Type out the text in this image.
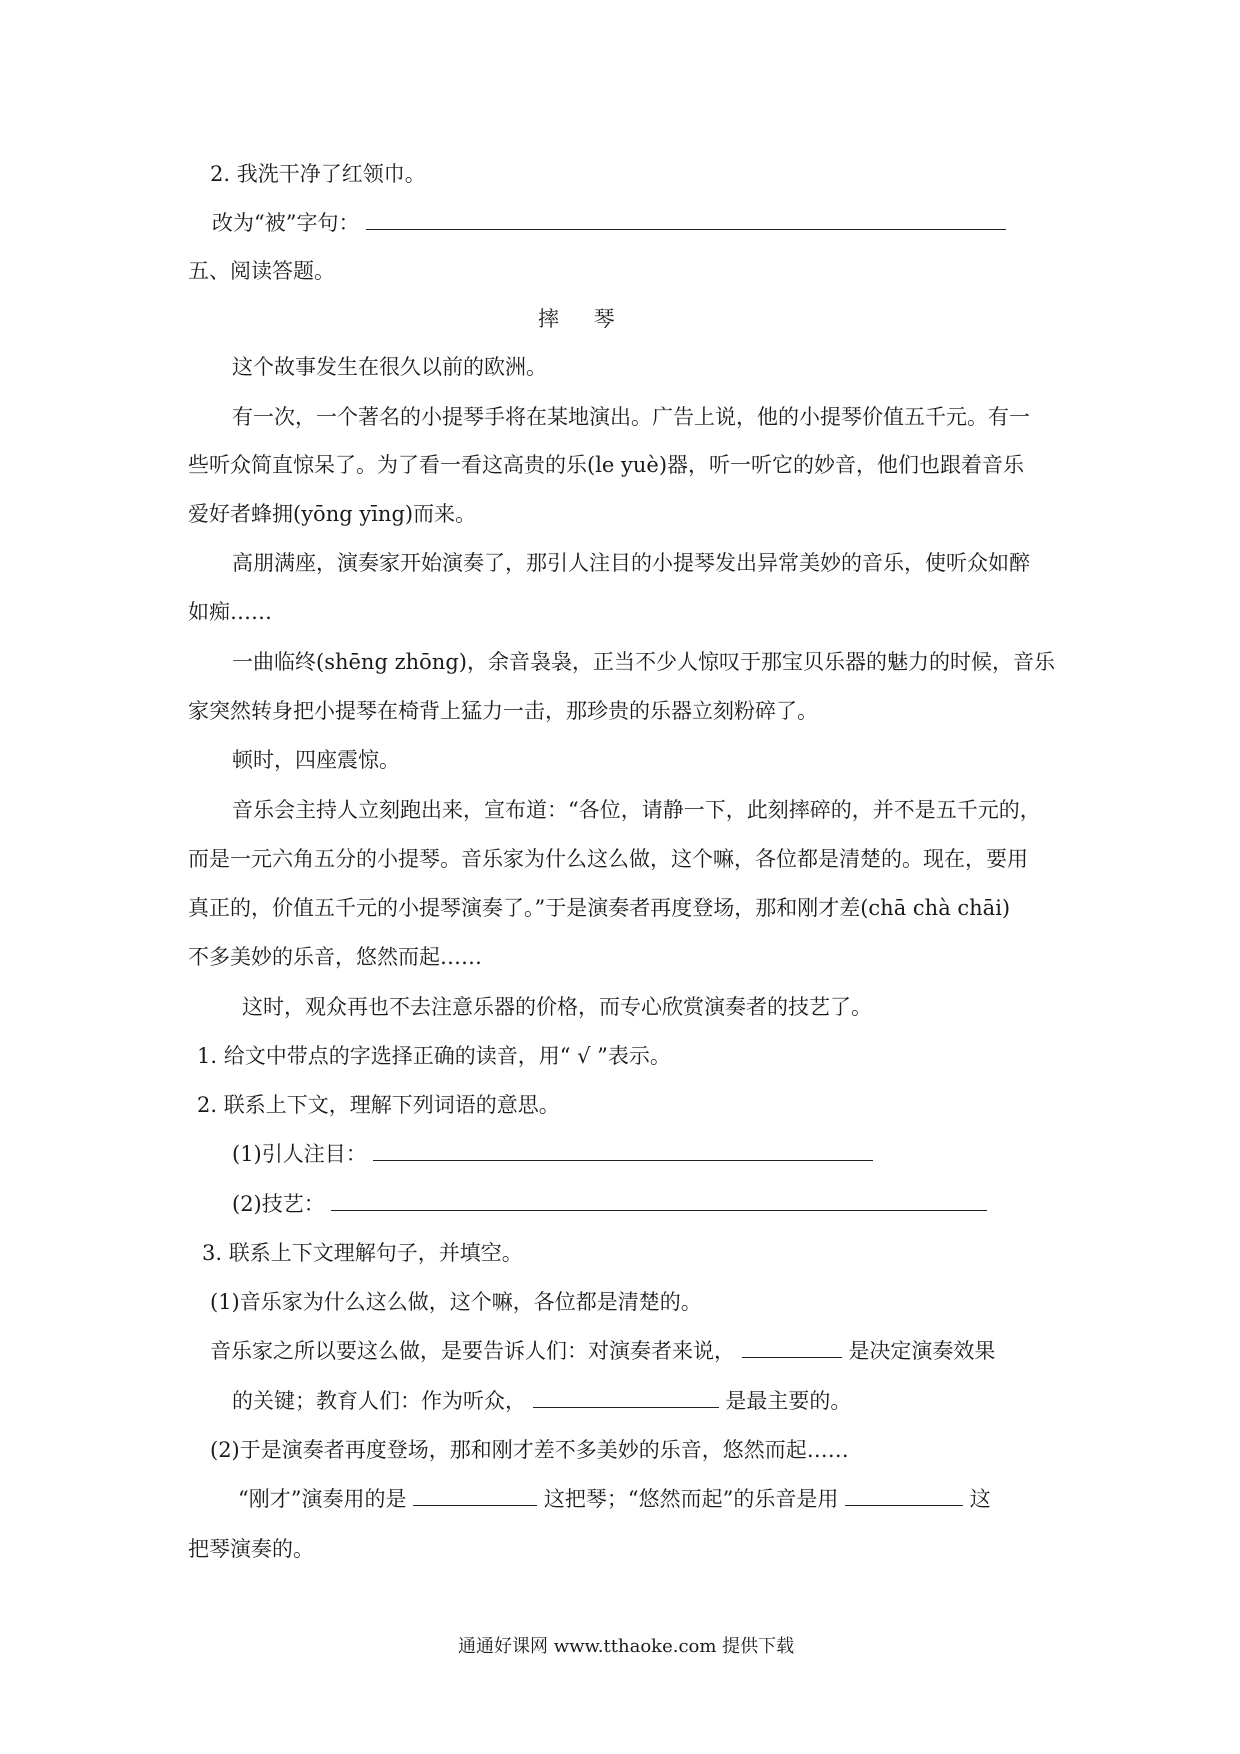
2. 我洗干净了红领巾。
改为“被”字句：
五、阅读答题。
摔 琴
这个故事发生在很久以前的欧洲。
有一次，一个著名的小提琴手将在某地演出。广告上说，他的小提琴价值五千元。有一
些听众简直惊呆了。为了看一看这高贵的乐(le yuè)器，听一听它的妙音，他们也跟着音乐
爱好者蜂拥(yōng yīng)而来。
高朋满座，演奏家开始演奏了，那引人注目的小提琴发出异常美妙的音乐，使听众如醉
如痴……
一曲临终(shēng zhōng)，余音袅袅，正当不少人惊叹于那宝贝乐器的魅力的时候，音乐
家突然转身把小提琴在椅背上猛力一击，那珍贵的乐器立刻粉碎了。
顿时，四座震惊。
音乐会主持人立刻跑出来，宣布道：“各位，请静一下，此刻摔碎的，并不是五千元的，
而是一元六角五分的小提琴。音乐家为什么这么做，这个嘛，各位都是清楚的。现在，要用
真正的，价值五千元的小提琴演奏了。”于是演奏者再度登场，那和刚才差(chā chà chāi)
不多美妙的乐音，悠然而起……
这时，观众再也不去注意乐器的价格，而专心欣赏演奏者的技艺了。
1. 给文中带点的字选择正确的读音，用“ √ ”表示。
2. 联系上下文，理解下列词语的意思。
(1)引人注目：
(2)技艺：
3. 联系上下文理解句子，并填空。
(1)音乐家为什么这么做，这个嘛，各位都是清楚的。
音乐家之所以要这么做，是要告诉人们：对演奏者来说，	是决定演奏效果
的关键；教育人们：作为听众，	是最主要的。
(2)于是演奏者再度登场，那和刚才差不多美妙的乐音，悠然而起……
“刚才”演奏用的是	这把琴；“悠然而起”的乐音是用	这
把琴演奏的。
通通好课网 www.tthaoke.com 提供下载
